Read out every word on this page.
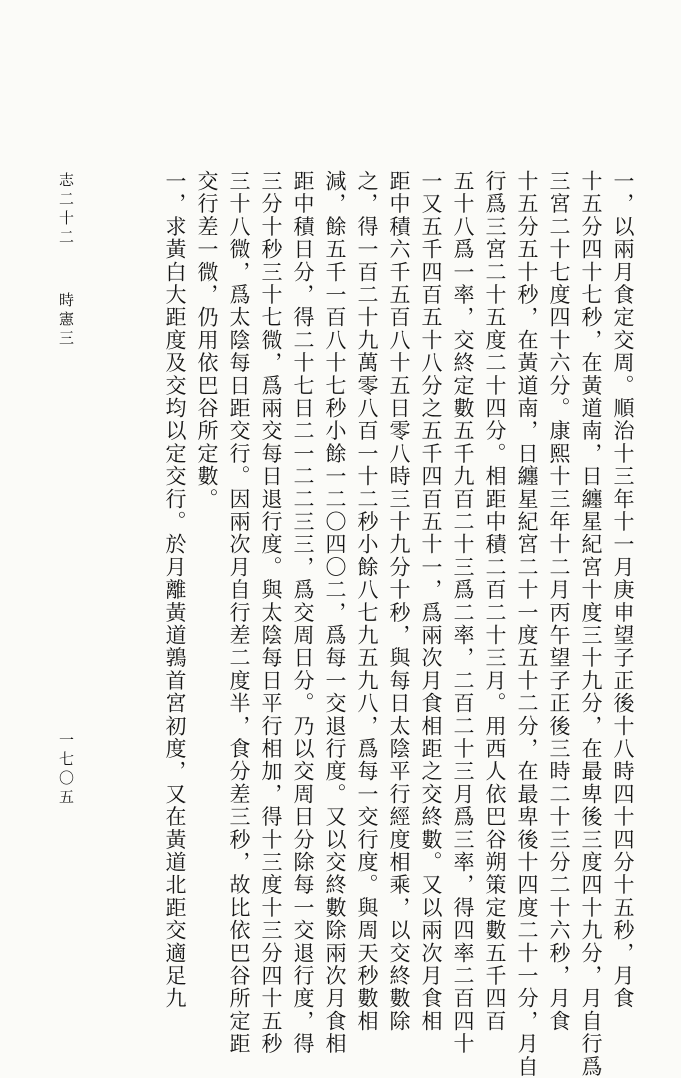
一，以兩月食定交周。順治十三年十一月庚申望子正後十八時四十四分十五秒，月食
十五分四十七秒，在黃道南，日纏星紀宮十度三十九分，在最卑後三度四十九分，月自行爲
三宮二十七度四十六分。康熙十三年十二月丙午望子正後三時二十三分二十六秒，月食
十五分五十秒，在黃道南，日纏星紀宮二十一度五十二分，在最卑後十四度二十一分，月自
行爲三宮二十五度二十四分。相距中積二百二十三月。用西人依巴谷朔策定數五千四百
五十八爲一率，交終定數五千九百二十三爲二率，二百二十三月爲三率，得四率二百四十
一又五千四百五十八分之五千四百五十一，爲兩次月食相距之交終數。又以兩次月食相
距中積六千五百八十五日零八時三十九分十秒，與每日太陰平行經度相乘，以交終數除
之，得一百二十九萬零八百一十二秒小餘八七九五九八，爲每一交行度。與周天秒數相
減，餘五千一百八十七秒小餘一二〇四〇二，爲每一交退行度。又以交終數除兩次月食相
距中積日分，得二十七日二一二二三三，爲交周日分。乃以交周日分除每一交退行度，得
三分十秒三十七微，爲兩交每日退行度。與太陰每日平行相加，得十三度十三分四十五秒
三十八微，爲太陰每日距交行。因兩次月自行差二度半，食分差三秒，故比依巴谷所定距
交行差一微，仍用依巴谷所定數。
一，求黃白大距度及交均以定交行。於月離黃道鶉首宮初度，又在黃道北距交適足九
志二十二
時憲三
一七〇五
